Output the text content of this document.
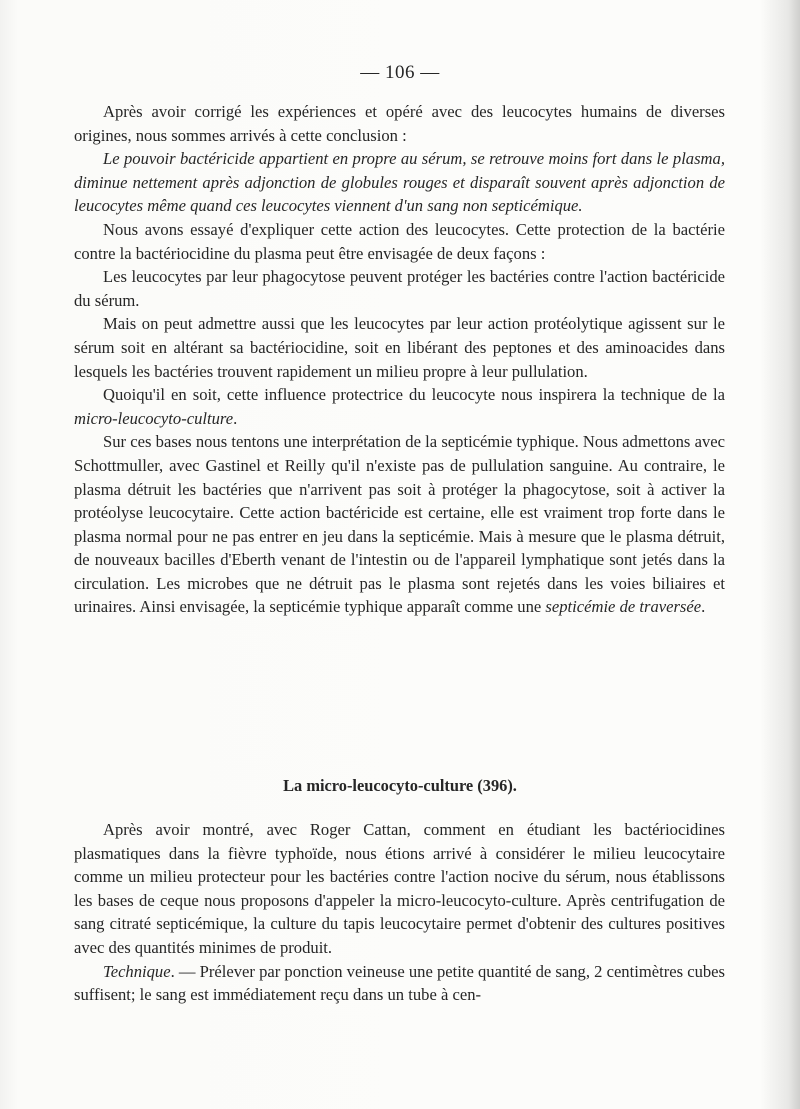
— 106 —

Après avoir corrigé les expériences et opéré avec des leucocytes humains de diverses origines, nous sommes arrivés à cette conclusion :

Le pouvoir bactéricide appartient en propre au sérum, se retrouve moins fort dans le plasma, diminue nettement après adjonction de globules rouges et disparaît souvent après adjonction de leucocytes même quand ces leucocytes viennent d'un sang non septicémique.

Nous avons essayé d'expliquer cette action des leucocytes. Cette protection de la bactérie contre la bactériocidine du plasma peut être envisagée de deux façons :

Les leucocytes par leur phagocytose peuvent protéger les bactéries contre l'action bactéricide du sérum.

Mais on peut admettre aussi que les leucocytes par leur action protéolytique agissent sur le sérum soit en altérant sa bactériocidine, soit en libérant des peptones et des aminoacides dans lesquels les bactéries trouvent rapidement un milieu propre à leur pullulation.

Quoiqu'il en soit, cette influence protectrice du leucocyte nous inspirera la technique de la micro-leucocyto-culture.

Sur ces bases nous tentons une interprétation de la septicémie typhique. Nous admettons avec Schottmuller, avec Gastinel et Reilly qu'il n'existe pas de pullulation sanguine. Au contraire, le plasma détruit les bactéries que n'arrivent pas soit à protéger la phagocytose, soit à activer la protéolyse leucocytaire. Cette action bactéricide est certaine, elle est vraiment trop forte dans le plasma normal pour ne pas entrer en jeu dans la septicémie. Mais à mesure que le plasma détruit, de nouveaux bacilles d'Eberth venant de l'intestin ou de l'appareil lymphatique sont jetés dans la circulation. Les microbes que ne détruit pas le plasma sont rejetés dans les voies biliaires et urinaires. Ainsi envisagée, la septicémie typhique apparaît comme une septicémie de traversée.

La micro-leucocyto-culture (396).

Après avoir montré, avec Roger Cattan, comment en étudiant les bactériocidines plasmatiques dans la fièvre typhoïde, nous étions arrivé à considérer le milieu leucocytaire comme un milieu protecteur pour les bactéries contre l'action nocive du sérum, nous établissons les bases de ceque nous proposons d'appeler la micro-leucocyto-culture. Après centrifugation de sang citraté septicémique, la culture du tapis leucocytaire permet d'obtenir des cultures positives avec des quantités minimes de produit.

Technique. — Prélever par ponction veineuse une petite quantité de sang, 2 centimètres cubes suffisent; le sang est immédiatement reçu dans un tube à cen-
